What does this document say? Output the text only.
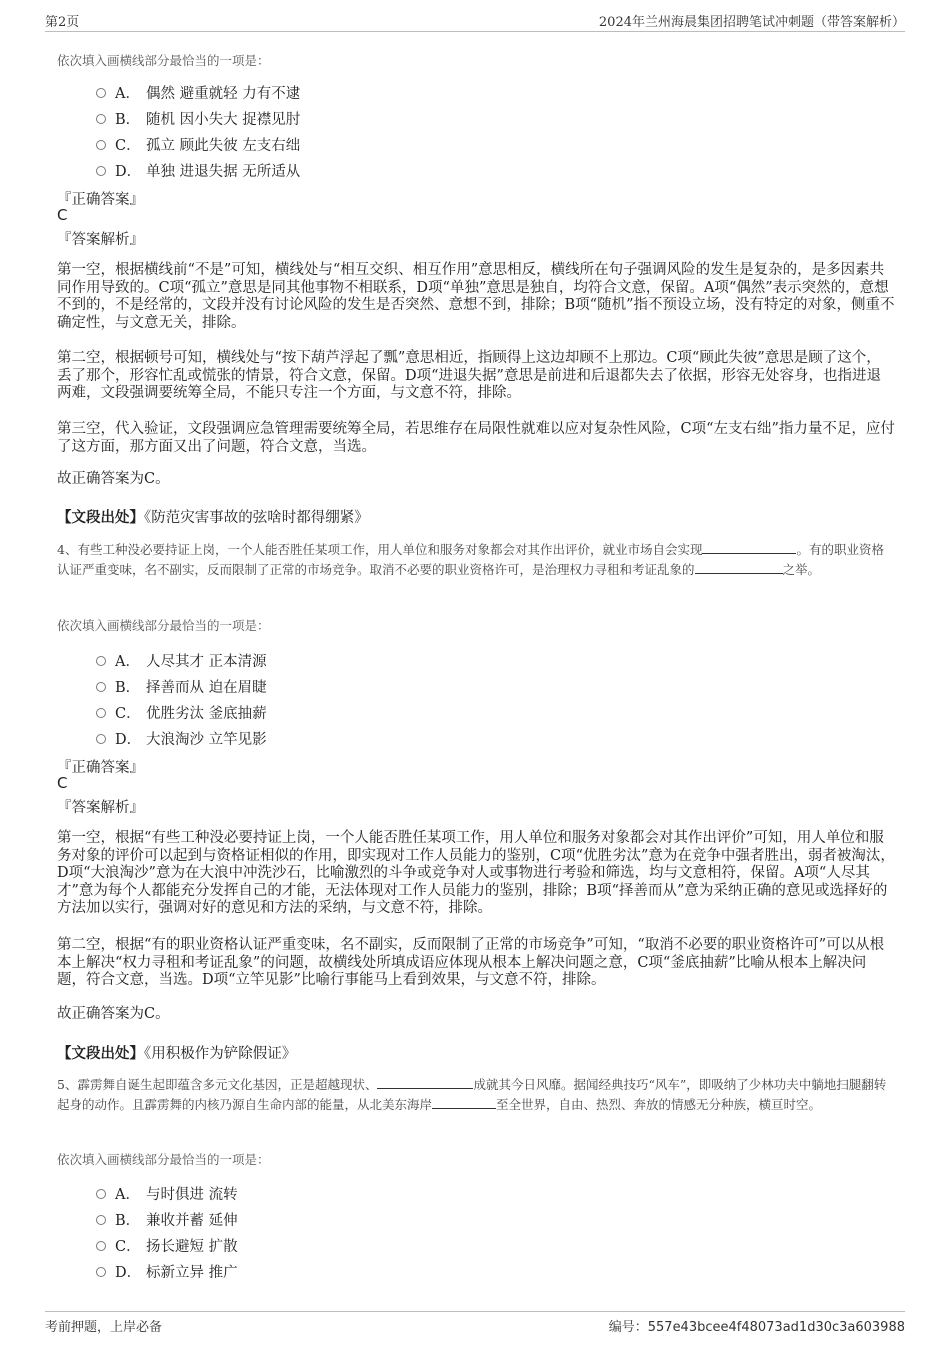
第2页	2024年兰州海晨集团招聘笔试冲刺题（带答案解析）
依次填入画横线部分最恰当的一项是：
A． 偶然 避重就轻 力有不逮
B． 随机 因小失大 捉襟见肘
C． 孤立 顾此失彼 左支右绌
D． 单独 进退失据 无所适从
『正确答案』
C
『答案解析』
第一空，根据横线前“不是”可知，横线处与“相互交织、相互作用”意思相反，横线所在句子强调风险的发生是复杂的，是多因素共同作用导致的。C项“孤立”意思是同其他事物不相联系，D项“单独”意思是独自，均符合文意，保留。A项“偶然”表示突然的，意想不到的，不是经常的，文段并没有讨论风险的发生是否突然、意想不到，排除；B项“随机”指不预设立场，没有特定的对象，侧重不确定性，与文意无关，排除。
第二空，根据顿号可知，横线处与“按下葫芦浮起了瓢”意思相近，指顾得上这边却顾不上那边。C项“顾此失彼”意思是顾了这个，丢了那个，形容忙乱或慌张的情景，符合文意，保留。D项“进退失据”意思是前进和后退都失去了依据，形容无处容身，也指进退两难，文段强调要统筹全局，不能只专注一个方面，与文意不符，排除。
第三空，代入验证，文段强调应急管理需要统筹全局，若思维存在局限性就难以应对复杂性风险，C项“左支右绌”指力量不足，应付了这方面，那方面又出了问题，符合文意，当选。
故正确答案为C。
【文段出处】《防范灾害事故的弦啥时都得绷紧》
4、有些工种没必要持证上岗，一个人能否胜任某项工作，用人单位和服务对象都会对其作出评价，就业市场自会实现	。有的职业资格认证严重变味，名不副实，反而限制了正常的市场竞争。取消不必要的职业资格许可，是治理权力寻租和考证乱象的	之举。
依次填入画横线部分最恰当的一项是：
A． 人尽其才 正本清源
B． 择善而从 迫在眉睫
C． 优胜劣汰 釜底抽薪
D． 大浪淘沙 立竿见影
『正确答案』
C
『答案解析』
第一空，根据“有些工种没必要持证上岗，一个人能否胜任某项工作，用人单位和服务对象都会对其作出评价”可知，用人单位和服务对象的评价可以起到与资格证相似的作用，即实现对工作人员能力的鉴别，C项“优胜劣汰”意为在竞争中强者胜出，弱者被淘汰，D项“大浪淘沙”意为在大浪中冲洗沙石，比喻激烈的斗争或竞争对人或事物进行考验和筛选，均与文意相符，保留。A项“人尽其才”意为每个人都能充分发挥自己的才能，无法体现对工作人员能力的鉴别，排除；B项“择善而从”意为采纳正确的意见或选择好的方法加以实行，强调对好的意见和方法的采纳，与文意不符，排除。
第二空，根据“有的职业资格认证严重变味，名不副实，反而限制了正常的市场竞争”可知，“取消不必要的职业资格许可”可以从根本上解决“权力寻租和考证乱象”的问题，故横线处所填成语应体现从根本上解决问题之意，C项“釜底抽薪”比喻从根本上解决问题，符合文意，当选。D项“立竿见影”比喻行事能马上看到效果，与文意不符，排除。
故正确答案为C。
【文段出处】《用积极作为铲除假证》
5、霹雳舞自诞生起即蕴含多元文化基因，正是超越现状、	成就其今日风靡。据闻经典技巧“风车”，即吸纳了少林功夫中躺地扫腿翻转起身的动作。且霹雳舞的内核乃源自生命内部的能量，从北美东海岸	至全世界，自由、热烈、奔放的情感无分种族，横亘时空。
依次填入画横线部分最恰当的一项是：
A． 与时俱进 流转
B． 兼收并蓄 延伸
C． 扬长避短 扩散
D． 标新立异 推广
考前押题，上岸必备	编号：557e43bcee4f48073ad1d30c3a603988
